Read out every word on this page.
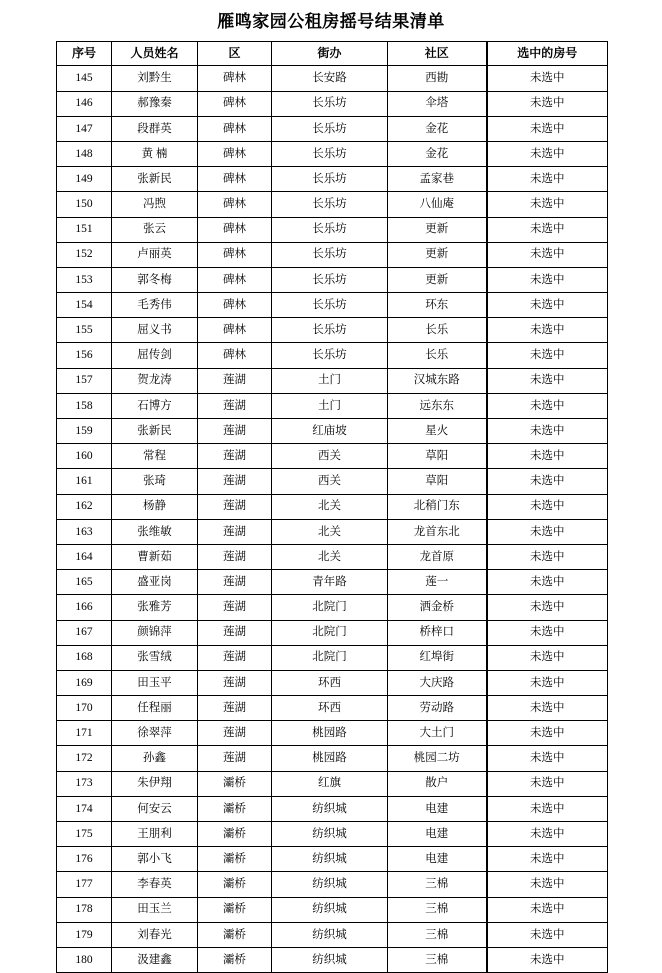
雁鸣家园公租房摇号结果清单
序号	人员姓名	区	街办	社区	选中的房号
145	刘黔生	碑林	长安路	西勘	未选中
146	郝豫秦	碑林	长乐坊	伞塔	未选中
147	段群英	碑林	长乐坊	金花	未选中
148	黄 楠	碑林	长乐坊	金花	未选中
149	张新民	碑林	长乐坊	孟家巷	未选中
150	冯煦	碑林	长乐坊	八仙庵	未选中
151	张云	碑林	长乐坊	更新	未选中
152	卢丽英	碑林	长乐坊	更新	未选中
153	郭冬梅	碑林	长乐坊	更新	未选中
154	毛秀伟	碑林	长乐坊	环东	未选中
155	屈义书	碑林	长乐坊	长乐	未选中
156	屈传剑	碑林	长乐坊	长乐	未选中
157	贺龙涛	莲湖	土门	汉城东路	未选中
158	石博方	莲湖	土门	远东东	未选中
159	张新民	莲湖	红庙坡	星火	未选中
160	常程	莲湖	西关	草阳	未选中
161	张琦	莲湖	西关	草阳	未选中
162	杨静	莲湖	北关	北稍门东	未选中
163	张维敏	莲湖	北关	龙首东北	未选中
164	曹新茹	莲湖	北关	龙首原	未选中
165	盛亚岗	莲湖	青年路	莲一	未选中
166	张雅芳	莲湖	北院门	洒金桥	未选中
167	颜锦萍	莲湖	北院门	桥梓口	未选中
168	张雪绒	莲湖	北院门	红埠街	未选中
169	田玉平	莲湖	环西	大庆路	未选中
170	任程丽	莲湖	环西	劳动路	未选中
171	徐翠萍	莲湖	桃园路	大土门	未选中
172	孙鑫	莲湖	桃园路	桃园二坊	未选中
173	朱伊翔	灞桥	红旗	散户	未选中
174	何安云	灞桥	纺织城	电建	未选中
175	王朋利	灞桥	纺织城	电建	未选中
176	郭小飞	灞桥	纺织城	电建	未选中
177	李春英	灞桥	纺织城	三棉	未选中
178	田玉兰	灞桥	纺织城	三棉	未选中
179	刘春光	灞桥	纺织城	三棉	未选中
180	汲建鑫	灞桥	纺织城	三棉	未选中
